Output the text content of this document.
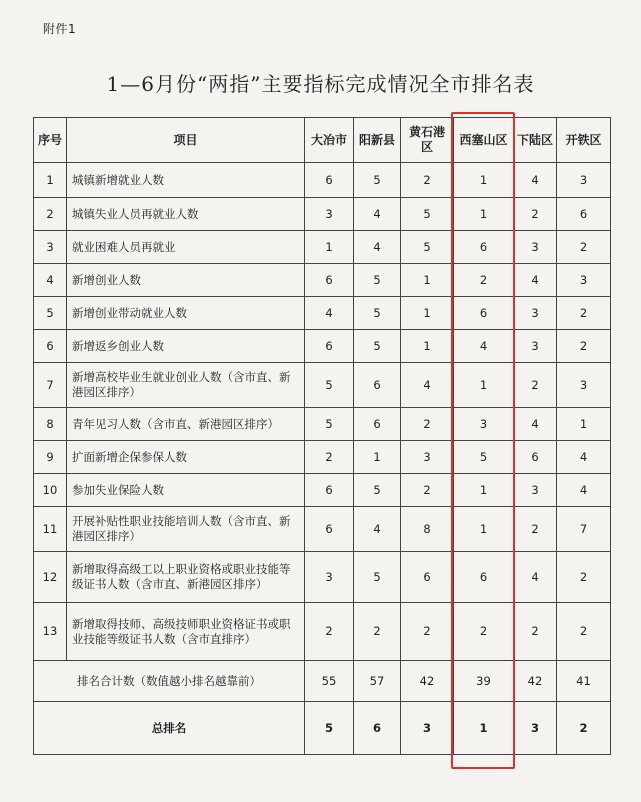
附件1
1—6月份“两指”主要指标完成情况全市排名表
序号	项目	大冶市	阳新县	黄石港区	西塞山区	下陆区	开铁区
1	城镇新增就业人数	6	5	2	1	4	3
2	城镇失业人员再就业人数	3	4	5	1	2	6
3	就业困难人员再就业	1	4	5	6	3	2
4	新增创业人数	6	5	1	2	4	3
5	新增创业带动就业人数	4	5	1	6	3	2
6	新增返乡创业人数	6	5	1	4	3	2
7	新增高校毕业生就业创业人数（含市直、新港园区排序）	5	6	4	1	2	3
8	青年见习人数（含市直、新港园区排序）	5	6	2	3	4	1
9	扩面新增企保参保人数	2	1	3	5	6	4
10	参加失业保险人数	6	5	2	1	3	4
11	开展补贴性职业技能培训人数（含市直、新港园区排序）	6	4	8	1	2	7
12	新增取得高级工以上职业资格或职业技能等级证书人数（含市直、新港园区排序）	3	5	6	6	4	2
13	新增取得技师、高级技师职业资格证书或职业技能等级证书人数（含市直排序）	2	2	2	2	2	2
排名合计数（数值越小排名越靠前）		55	57	42	39	42	41
总排名		5	6	3	1	3	2
